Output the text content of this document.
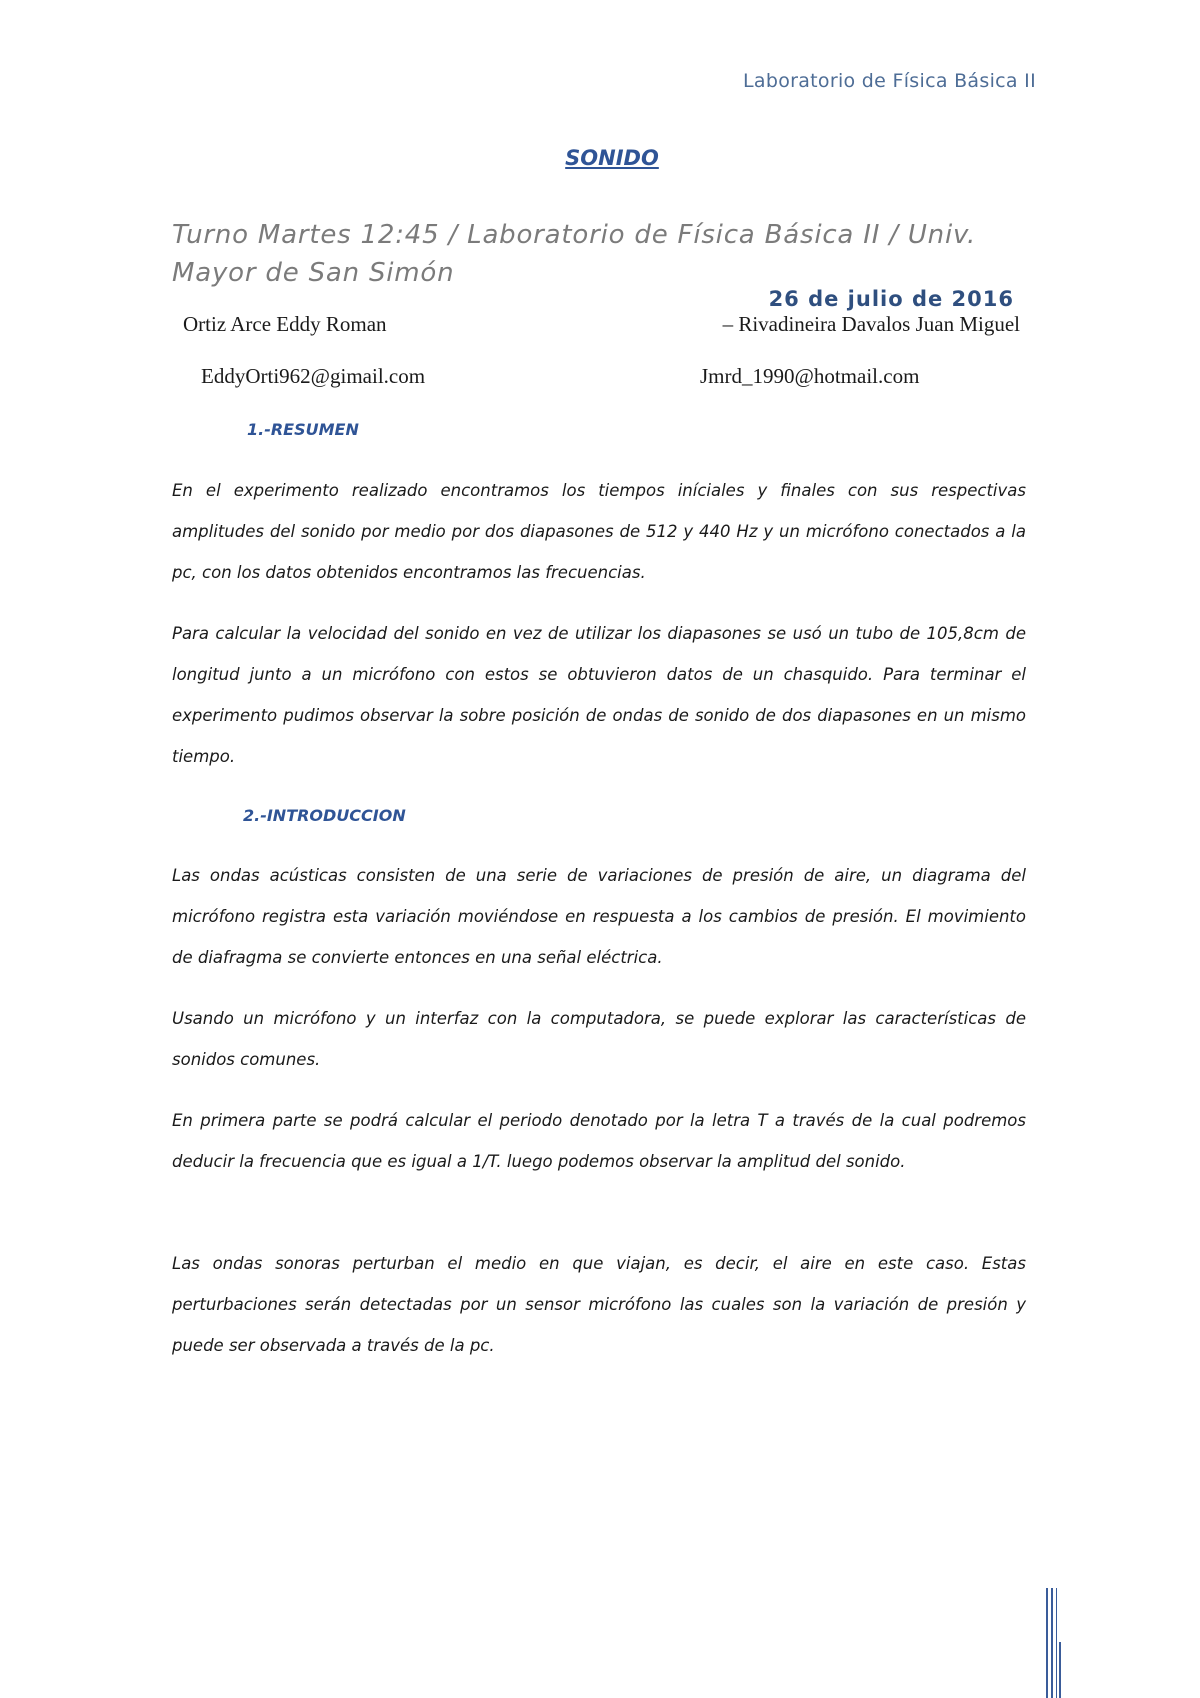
Laboratorio de Física Básica II
SONIDO
Turno Martes 12:45 / Laboratorio de Física Básica II / Univ. Mayor de San Simón
26 de julio de 2016
Ortiz Arce Eddy Roman	– Rivadineira Davalos Juan Miguel
EddyOrti962@gimail.com	Jmrd_1990@hotmail.com
1.-RESUMEN

En el experimento realizado encontramos los tiempos iníciales y finales con sus respectivas amplitudes del sonido por medio por dos diapasones de 512 y 440 Hz y un micrófono conectados a la pc, con los datos obtenidos encontramos las frecuencias.

Para calcular la velocidad del sonido en vez de utilizar los diapasones se usó un tubo de 105,8cm de longitud junto a un micrófono con estos se obtuvieron datos de un chasquido. Para terminar el experimento pudimos observar la sobre posición de ondas de sonido de dos diapasones en un mismo tiempo.

2.-INTRODUCCION

Las ondas acústicas consisten de una serie de variaciones de presión de aire, un diagrama del micrófono registra esta variación moviéndose en respuesta a los cambios de presión. El movimiento de diafragma se convierte entonces en una señal eléctrica.

Usando un micrófono y un interfaz con la computadora, se puede explorar las características de sonidos comunes.

En primera parte se podrá calcular el periodo denotado por la letra T a través de la cual podremos deducir la frecuencia que es igual a 1/T. luego podemos observar la amplitud del sonido.

Las ondas sonoras perturban el medio en que viajan, es decir, el aire en este caso. Estas perturbaciones serán detectadas por un sensor micrófono las cuales son la variación de presión y puede ser observada a través de la pc.
